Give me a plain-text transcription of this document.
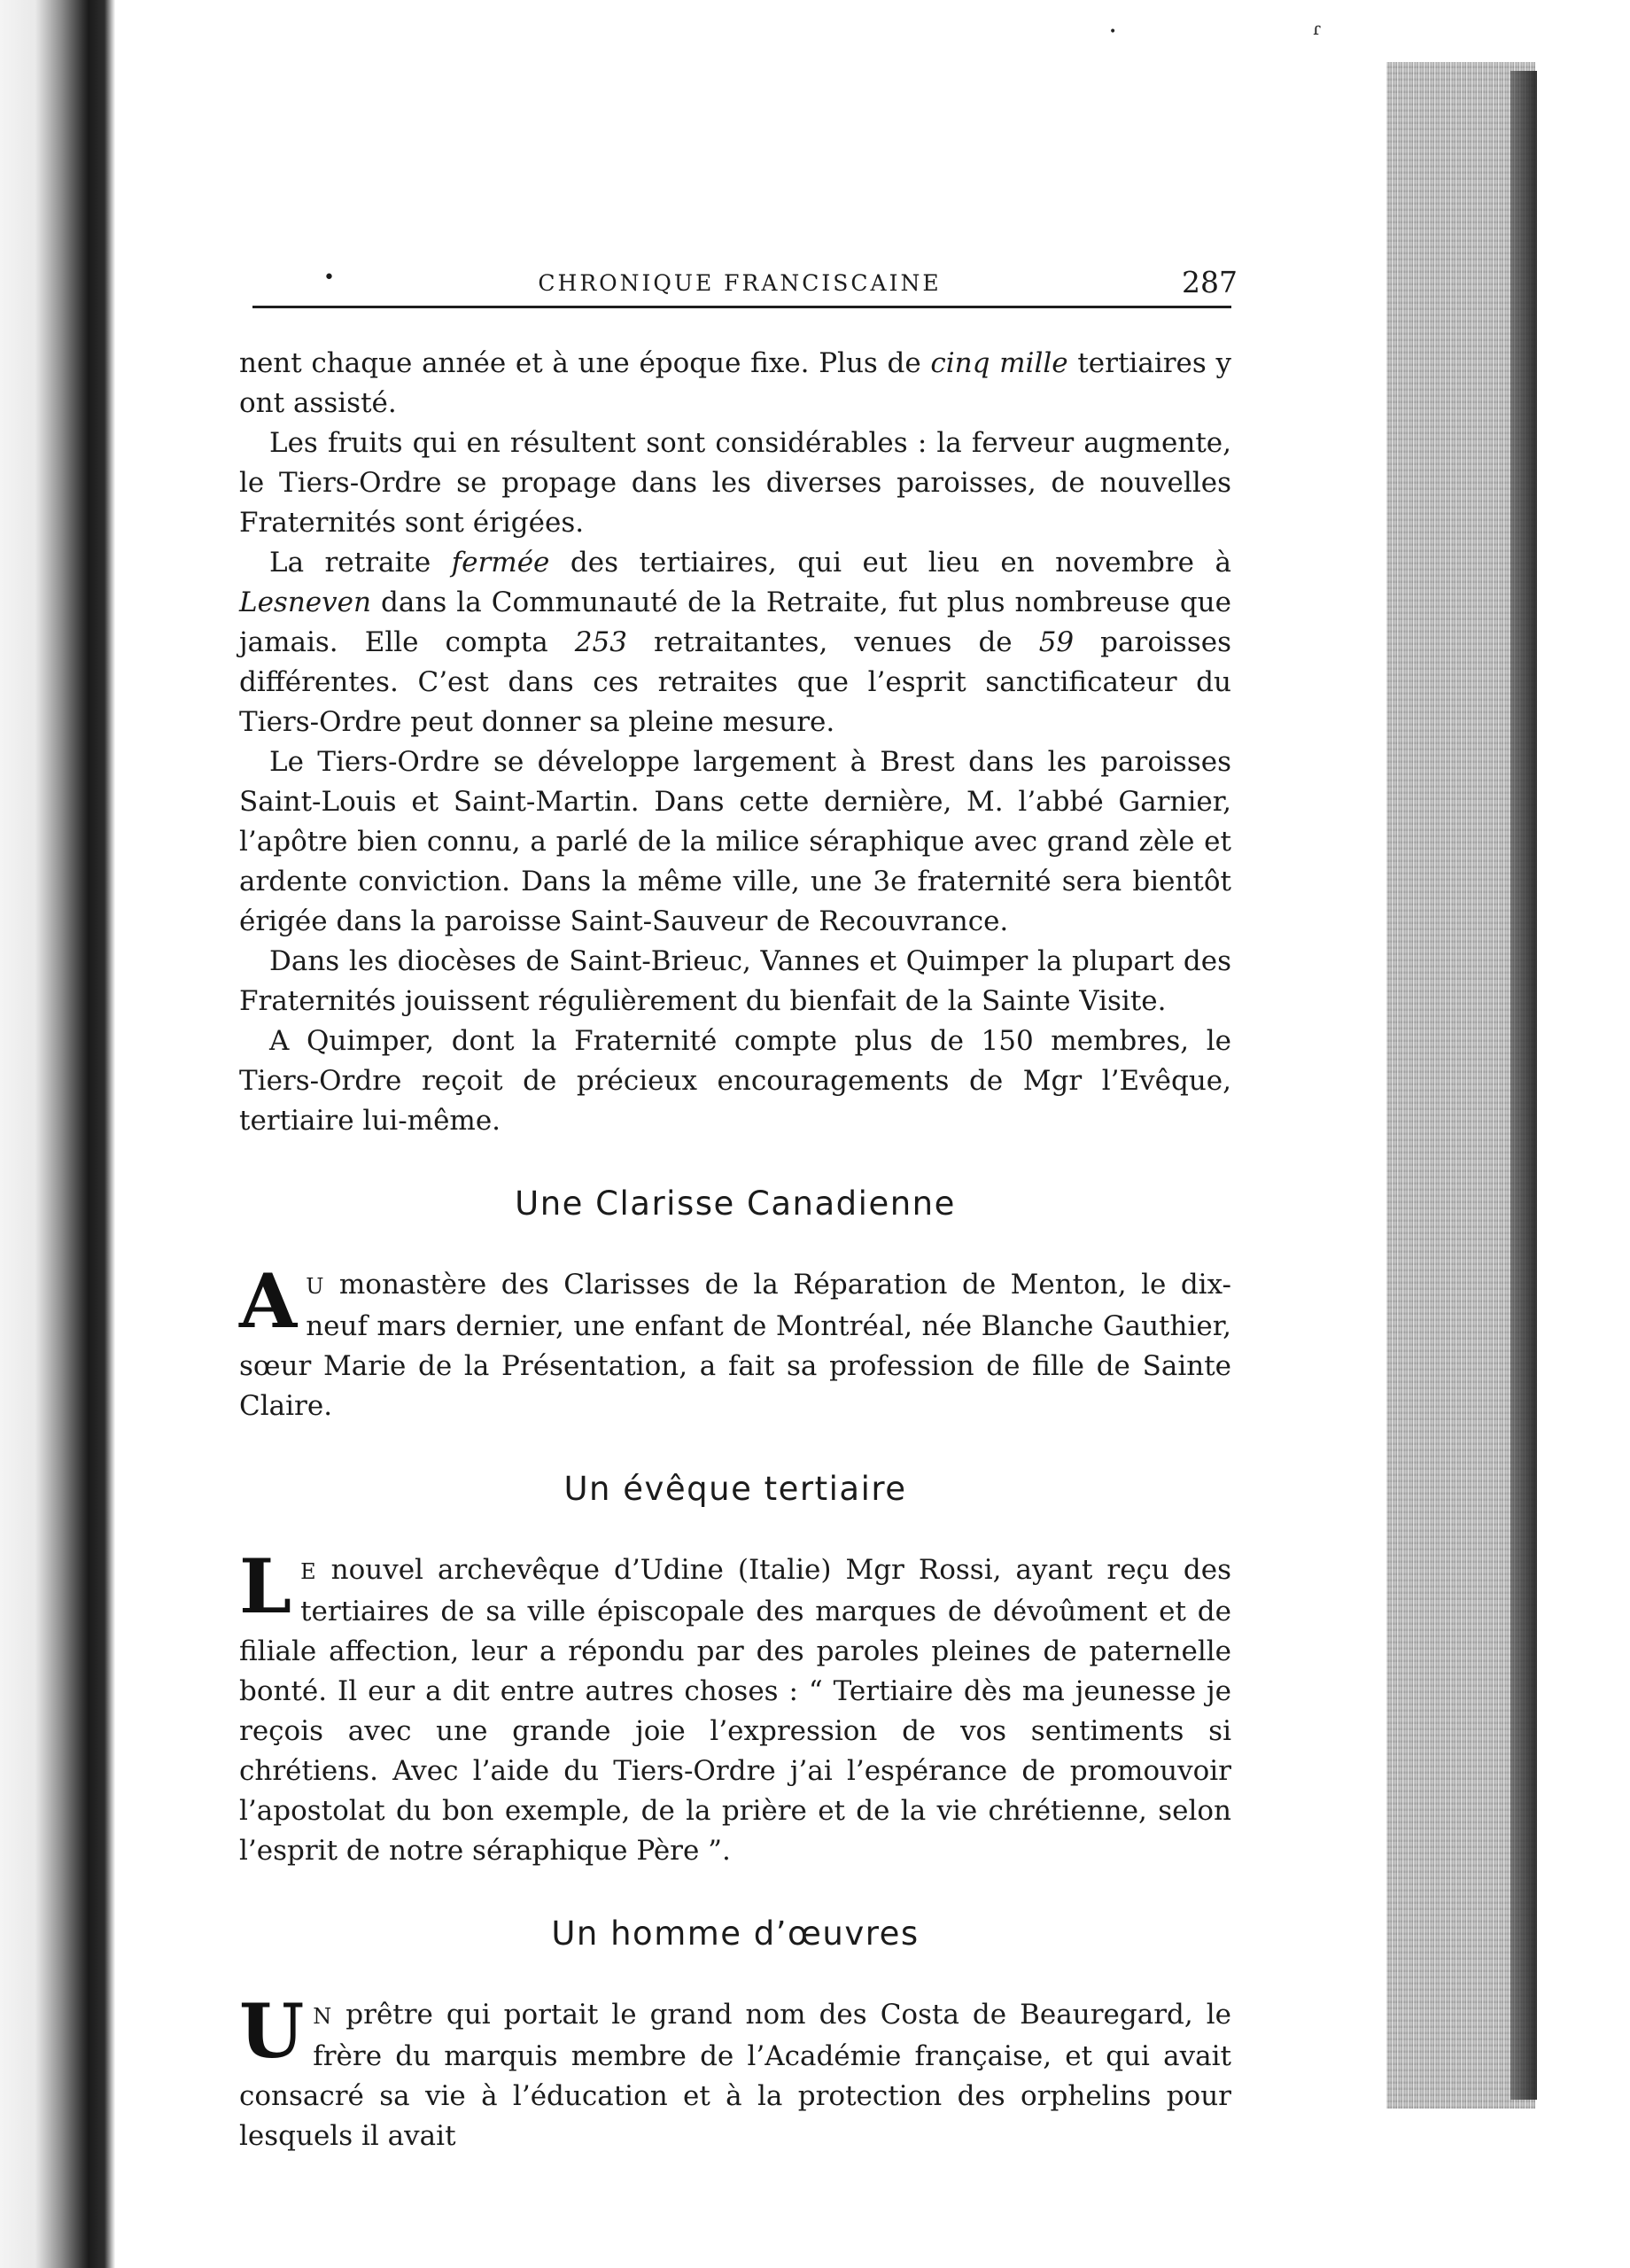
ɾ
•
•	CHRONIQUE FRANCISCAINE	287

nent chaque année et à une époque fixe. Plus de cinq mille tertiaires y ont assisté.

Les fruits qui en résultent sont considérables : la ferveur augmente, le Tiers-Ordre se propage dans les diverses paroisses, de nouvelles Fraternités sont érigées.

La retraite fermée des tertiaires, qui eut lieu en novembre à Lesneven dans la Communauté de la Retraite, fut plus nombreuse que jamais. Elle compta 253 retraitantes, venues de 59 paroisses différentes. C’est dans ces retraites que l’esprit sanctificateur du Tiers-Ordre peut donner sa pleine mesure.

Le Tiers-Ordre se développe largement à Brest dans les paroisses Saint-Louis et Saint-Martin. Dans cette dernière, M. l’abbé Garnier, l’apôtre bien connu, a parlé de la milice séraphique avec grand zèle et ardente conviction. Dans la même ville, une 3e fraternité sera bientôt érigée dans la paroisse Saint-Sauveur de Recouvrance.

Dans les diocèses de Saint-Brieuc, Vannes et Quimper la plupart des Fraternités jouissent régulièrement du bienfait de la Sainte Visite.

A Quimper, dont la Fraternité compte plus de 150 membres, le Tiers-Ordre reçoit de précieux encouragements de Mgr l’Evêque, tertiaire lui-même.

Une Clarisse Canadienne

A U monastère des Clarisses de la Réparation de Menton, le dix-neuf mars dernier, une enfant de Montréal, née Blanche Gauthier, sœur Marie de la Présentation, a fait sa profession de fille de Sainte Claire.

Un évêque tertiaire

L E nouvel archevêque d’Udine (Italie) Mgr Rossi, ayant reçu des tertiaires de sa ville épiscopale des marques de dévoûment et de filiale affection, leur a répondu par des paroles pleines de paternelle bonté. Il eur a dit entre autres choses : “ Tertiaire dès ma jeunesse je reçois avec une grande joie l’expression de vos sentiments si chrétiens. Avec l’aide du Tiers-Ordre j’ai l’espérance de promouvoir l’apostolat du bon exemple, de la prière et de la vie chrétienne, selon l’esprit de notre séraphique Père ”.

Un homme d’œuvres

U N prêtre qui portait le grand nom des Costa de Beauregard, le frère du marquis membre de l’Académie française, et qui avait consacré sa vie à l’éducation et à la protection des orphelins pour lesquels il avait
